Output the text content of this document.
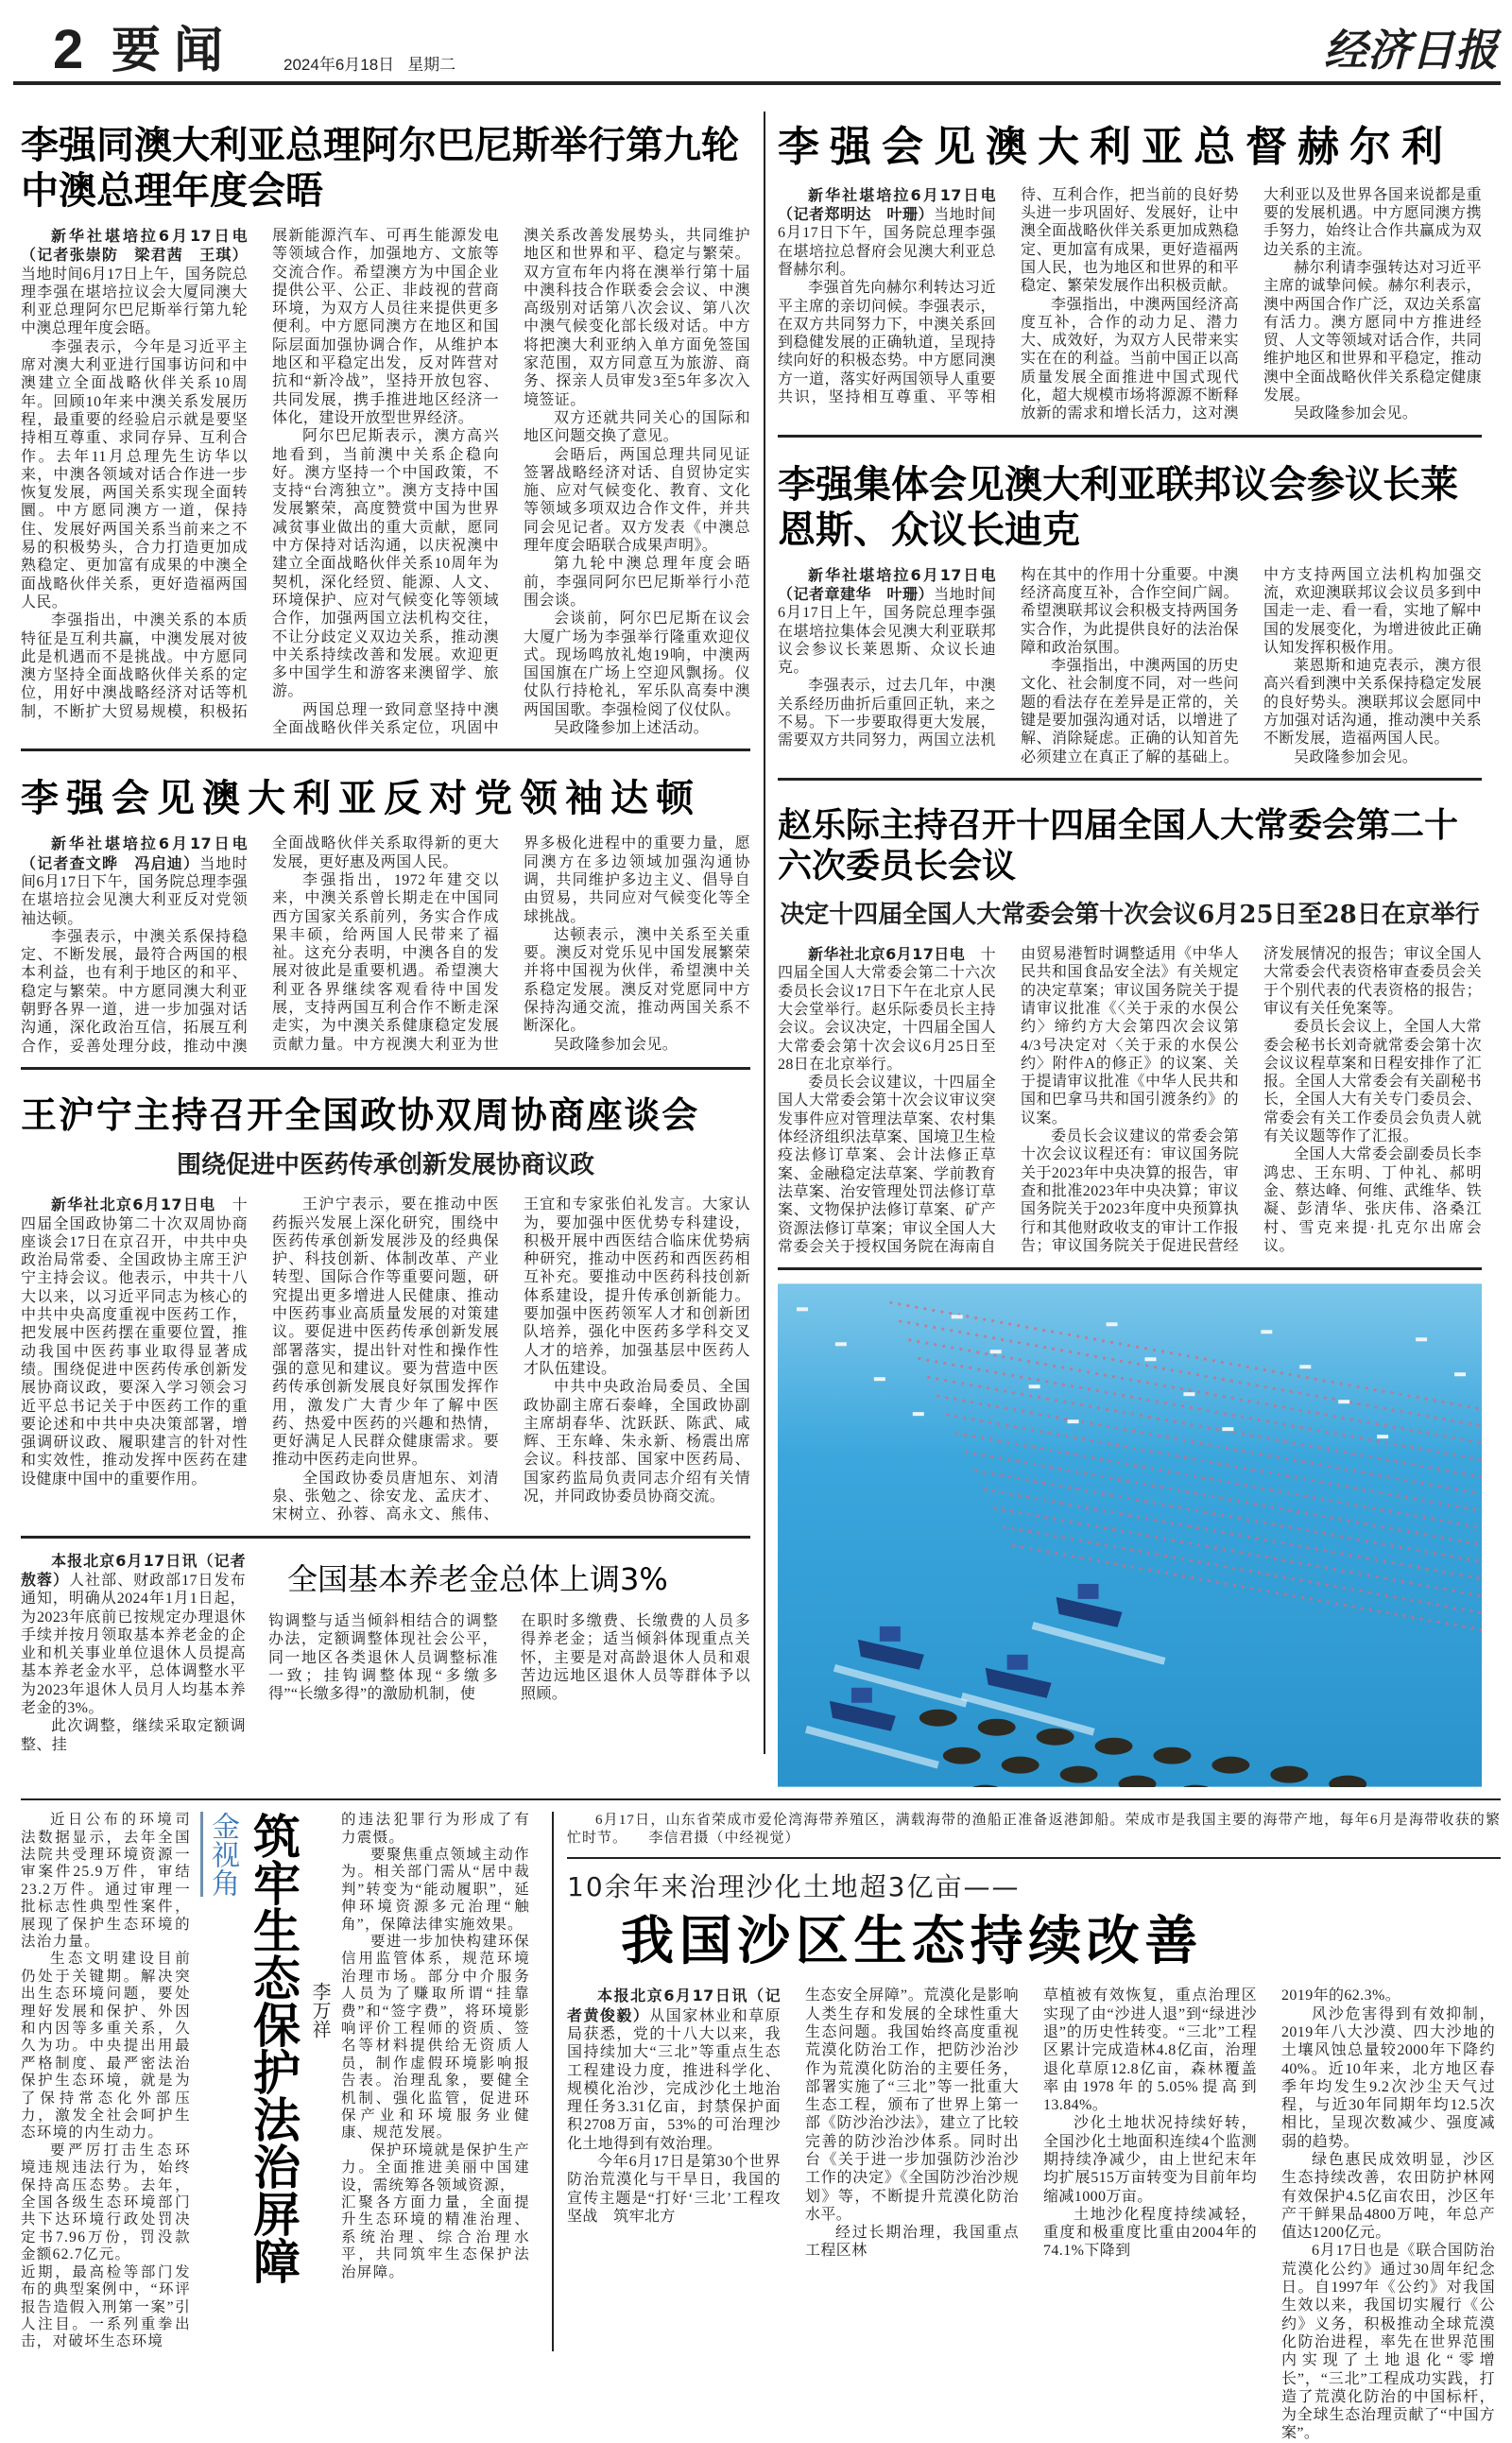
2 要闻	2024年6月18日 星期二	经济日报
李强同澳大利亚总理阿尔巴尼斯举行第九轮中澳总理年度会晤

新华社堪培拉6月17日电（记者张崇防　梁君茜　王琪）当地时间6月17日上午，国务院总理李强在堪培拉议会大厦同澳大利亚总理阿尔巴尼斯举行第九轮中澳总理年度会晤。

李强表示，今年是习近平主席对澳大利亚进行国事访问和中澳建立全面战略伙伴关系10周年。回顾10年来中澳关系发展历程，最重要的经验启示就是要坚持相互尊重、求同存异、互利合作。去年11月总理先生访华以来，中澳各领域对话合作进一步恢复发展，两国关系实现全面转圜。中方愿同澳方一道，保持住、发展好两国关系当前来之不易的积极势头，合力打造更加成熟稳定、更加富有成果的中澳全面战略伙伴关系，更好造福两国人民。

李强指出，中澳关系的本质特征是互利共赢，中澳发展对彼此是机遇而不是挑战。中方愿同澳方坚持全面战略伙伴关系的定位，用好中澳战略经济对话等机制，不断扩大贸易规模，积极拓展新能源汽车、可再生能源发电等领域合作，加强地方、文旅等交流合作。希望澳方为中国企业提供公平、公正、非歧视的营商环境，为双方人员往来提供更多便利。中方愿同澳方在地区和国际层面加强协调合作，从维护本地区和平稳定出发，反对阵营对抗和“新冷战”，坚持开放包容、共同发展，携手推进地区经济一体化，建设开放型世界经济。

阿尔巴尼斯表示，澳方高兴地看到，当前澳中关系企稳向好。澳方坚持一个中国政策，不支持“台湾独立”。澳方支持中国发展繁荣，高度赞赏中国为世界减贫事业做出的重大贡献，愿同中方保持对话沟通，以庆祝澳中建立全面战略伙伴关系10周年为契机，深化经贸、能源、人文、环境保护、应对气候变化等领域合作，加强两国立法机构交往，不让分歧定义双边关系，推动澳中关系持续改善和发展。欢迎更多中国学生和游客来澳留学、旅游。

两国总理一致同意坚持中澳全面战略伙伴关系定位，巩固中澳关系改善发展势头，共同维护地区和世界和平、稳定与繁荣。双方宣布年内将在澳举行第十届中澳科技合作联委会会议、中澳高级别对话第八次会议、第八次中澳气候变化部长级对话。中方将把澳大利亚纳入单方面免签国家范围，双方同意互为旅游、商务、探亲人员审发3至5年多次入境签证。

双方还就共同关心的国际和地区问题交换了意见。

会晤后，两国总理共同见证签署战略经济对话、自贸协定实施、应对气候变化、教育、文化等领域多项双边合作文件，并共同会见记者。双方发表《中澳总理年度会晤联合成果声明》。

第九轮中澳总理年度会晤前，李强同阿尔巴尼斯举行小范围会谈。

会谈前，阿尔巴尼斯在议会大厦广场为李强举行隆重欢迎仪式。现场鸣放礼炮19响，中澳两国国旗在广场上空迎风飘扬。仪仗队行持枪礼，军乐队高奏中澳两国国歌。李强检阅了仪仗队。

吴政隆参加上述活动。

李强会见澳大利亚反对党领袖达顿

新华社堪培拉6月17日电（记者查文晔　冯启迪）当地时间6月17日下午，国务院总理李强在堪培拉会见澳大利亚反对党领袖达顿。

李强表示，中澳关系保持稳定、不断发展，最符合两国的根本利益，也有利于地区的和平、稳定与繁荣。中方愿同澳大利亚朝野各界一道，进一步加强对话沟通，深化政治互信，拓展互利合作，妥善处理分歧，推动中澳全面战略伙伴关系取得新的更大发展，更好惠及两国人民。

李强指出，1972年建交以来，中澳关系曾长期走在中国同西方国家关系前列，务实合作成果丰硕，给两国人民带来了福祉。这充分表明，中澳各自的发展对彼此是重要机遇。希望澳大利亚各界继续客观看待中国发展，支持两国互利合作不断走深走实，为中澳关系健康稳定发展贡献力量。中方视澳大利亚为世界多极化进程中的重要力量，愿同澳方在多边领域加强沟通协调，共同维护多边主义、倡导自由贸易，共同应对气候变化等全球挑战。

达顿表示，澳中关系至关重要。澳反对党乐见中国发展繁荣并将中国视为伙伴，希望澳中关系稳定发展。澳反对党愿同中方保持沟通交流，推动两国关系不断深化。

吴政隆参加会见。

王沪宁主持召开全国政协双周协商座谈会
围绕促进中医药传承创新发展协商议政

新华社北京6月17日电　十四届全国政协第二十次双周协商座谈会17日在京召开，中共中央政治局常委、全国政协主席王沪宁主持会议。他表示，中共十八大以来，以习近平同志为核心的中共中央高度重视中医药工作，把发展中医药摆在重要位置，推动我国中医药事业取得显著成绩。围绕促进中医药传承创新发展协商议政，要深入学习领会习近平总书记关于中医药工作的重要论述和中共中央决策部署，增强调研议政、履职建言的针对性和实效性，推动发挥中医药在建设健康中国中的重要作用。

王沪宁表示，要在推动中医药振兴发展上深化研究，围绕中医药传承创新发展涉及的经典保护、科技创新、体制改革、产业转型、国际合作等重要问题，研究提出更多增进人民健康、推动中医药事业高质量发展的对策建议。要促进中医药传承创新发展部署落实，提出针对性和操作性强的意见和建议。要为营造中医药传承创新发展良好氛围发挥作用，激发广大青少年了解中医药、热爱中医药的兴趣和热情，更好满足人民群众健康需求。要推动中医药走向世界。

全国政协委员唐旭东、刘清泉、张勉之、徐安龙、孟庆才、宋树立、孙蓉、高永文、熊伟、王宜和专家张伯礼发言。大家认为，要加强中医优势专科建设，积极开展中西医结合临床优势病种研究，推动中医药和西医药相互补充。要推动中医药科技创新体系建设，提升传承创新能力。要加强中医药领军人才和创新团队培养，强化中医药多学科交叉人才的培养，加强基层中医药人才队伍建设。

中共中央政治局委员、全国政协副主席石泰峰，全国政协副主席胡春华、沈跃跃、陈武、咸辉、王东峰、朱永新、杨震出席会议。科技部、国家中医药局、国家药监局负责同志介绍有关情况，并同政协委员协商交流。

本报北京6月17日讯（记者敖蓉）人社部、财政部17日发布通知，明确从2024年1月1日起，为2023年底前已按规定办理退休手续并按月领取基本养老金的企业和机关事业单位退休人员提高基本养老金水平，总体调整水平为2023年退休人员月人均基本养老金的3%。

此次调整，继续采取定额调整、挂

全国基本养老金总体上调3%

钩调整与适当倾斜相结合的调整办法，定额调整体现社会公平，同一地区各类退休人员调整标准一致；挂钩调整体现“多缴多得”“长缴多得”的激励机制，使

在职时多缴费、长缴费的人员多得养老金；适当倾斜体现重点关怀，主要是对高龄退休人员和艰苦边远地区退休人员等群体予以照顾。

李强会见澳大利亚总督赫尔利

新华社堪培拉6月17日电（记者郑明达　叶珊）当地时间6月17日下午，国务院总理李强在堪培拉总督府会见澳大利亚总督赫尔利。

李强首先向赫尔利转达习近平主席的亲切问候。李强表示，在双方共同努力下，中澳关系回到稳健发展的正确轨道，呈现持续向好的积极态势。中方愿同澳方一道，落实好两国领导人重要共识，坚持相互尊重、平等相待、互利合作，把当前的良好势头进一步巩固好、发展好，让中澳全面战略伙伴关系更加成熟稳定、更加富有成果，更好造福两国人民，也为地区和世界的和平稳定、繁荣发展作出积极贡献。

李强指出，中澳两国经济高度互补，合作的动力足、潜力大、成效好，为双方人民带来实实在在的利益。当前中国正以高质量发展全面推进中国式现代化，超大规模市场将源源不断释放新的需求和增长活力，这对澳大利亚以及世界各国来说都是重要的发展机遇。中方愿同澳方携手努力，始终让合作共赢成为双边关系的主流。

赫尔利请李强转达对习近平主席的诚挚问候。赫尔利表示，澳中两国合作广泛，双边关系富有活力。澳方愿同中方推进经贸、人文等领域对话合作，共同维护地区和世界和平稳定，推动澳中全面战略伙伴关系稳定健康发展。

吴政隆参加会见。

李强集体会见澳大利亚联邦议会参议长莱恩斯、众议长迪克

新华社堪培拉6月17日电（记者章建华　叶珊）当地时间6月17日上午，国务院总理李强在堪培拉集体会见澳大利亚联邦议会参议长莱恩斯、众议长迪克。

李强表示，过去几年，中澳关系经历曲折后重回正轨，来之不易。下一步要取得更大发展，需要双方共同努力，两国立法机构在其中的作用十分重要。中澳经济高度互补，合作空间广阔。希望澳联邦议会积极支持两国务实合作，为此提供良好的法治保障和政治氛围。

李强指出，中澳两国的历史文化、社会制度不同，对一些问题的看法存在差异是正常的，关键是要加强沟通对话，以增进了解、消除疑虑。正确的认知首先必须建立在真正了解的基础上。中方支持两国立法机构加强交流，欢迎澳联邦议会议员多到中国走一走、看一看，实地了解中国的发展变化，为增进彼此正确认知发挥积极作用。

莱恩斯和迪克表示，澳方很高兴看到澳中关系保持稳定发展的良好势头。澳联邦议会愿同中方加强对话沟通，推动澳中关系不断发展，造福两国人民。

吴政隆参加会见。

赵乐际主持召开十四届全国人大常委会第二十六次委员长会议
决定十四届全国人大常委会第十次会议6月25日至28日在京举行

新华社北京6月17日电　十四届全国人大常委会第二十六次委员长会议17日下午在北京人民大会堂举行。赵乐际委员长主持会议。会议决定，十四届全国人大常委会第十次会议6月25日至28日在北京举行。

委员长会议建议，十四届全国人大常委会第十次会议审议突发事件应对管理法草案、农村集体经济组织法草案、国境卫生检疫法修订草案、会计法修正草案、金融稳定法草案、学前教育法草案、治安管理处罚法修订草案、文物保护法修订草案、矿产资源法修订草案；审议全国人大常委会关于授权国务院在海南自由贸易港暂时调整适用《中华人民共和国食品安全法》有关规定的决定草案；审议国务院关于提请审议批准《〈关于汞的水俣公约〉缔约方大会第四次会议第4/3号决定对〈关于汞的水俣公约〉附件A的修正》的议案、关于提请审议批准《中华人民共和国和巴拿马共和国引渡条约》的议案。

委员长会议建议的常委会第十次会议议程还有：审议国务院关于2023年中央决算的报告，审查和批准2023年中央决算；审议国务院关于2023年度中央预算执行和其他财政收支的审计工作报告；审议国务院关于促进民营经济发展情况的报告；审议全国人大常委会代表资格审查委员会关于个别代表的代表资格的报告；审议有关任免案等。

委员长会议上，全国人大常委会秘书长刘奇就常委会第十次会议议程草案和日程安排作了汇报。全国人大常委会有关副秘书长，全国人大有关专门委员会、常委会有关工作委员会负责人就有关议题等作了汇报。

全国人大常委会副委员长李鸿忠、王东明、丁仲礼、郝明金、蔡达峰、何维、武维华、铁凝、彭清华、张庆伟、洛桑江村、雪克来提·扎克尔出席会议。

近日公布的环境司法数据显示，去年全国法院共受理环境资源一审案件25.9万件，审结23.2万件。通过审理一批标志性典型性案件，展现了保护生态环境的法治力量。

生态文明建设目前仍处于关键期。解决突出生态环境问题，要处理好发展和保护、外因和内因等多重关系，久久为功。中央提出用最严格制度、最严密法治保护生态环境，就是为了保持常态化外部压力，激发全社会呵护生态环境的内生动力。

要严厉打击生态环境违规违法行为，始终保持高压态势。去年，全国各级生态环境部门共下达环境行政处罚决定书7.96万份，罚没款金额62.7亿元。

近期，最高检等部门发布的典型案例中，“环评报告造假入刑第一案”引人注目。一系列重拳出击，对破坏生态环境

金视角 筑牢生态保护法治屏障 李万祥

的违法犯罪行为形成了有力震慑。

要聚焦重点领域主动作为。相关部门需从“居中裁判”转变为“能动履职”，延伸环境资源多元治理“触角”，保障法律实施效果。

要进一步加快构建环保信用监管体系，规范环境治理市场。部分中介服务人员为了赚取所谓“挂靠费”和“签字费”，将环境影响评价工程师的资质、签名等材料提供给无资质人员，制作虚假环境影响报告表。治理乱象，要健全机制、强化监管，促进环保产业和环境服务业健康、规范发展。

保护环境就是保护生产力。全面推进美丽中国建设，需统筹各领域资源，

汇聚各方面力量，全面提升生态环境的精准治理、系统治理、综合治理水平，共同筑牢生态保护法治屏障。

6月17日，山东省荣成市爱伦湾海带养殖区，满载海带的渔船正准备返港卸船。荣成市是我国主要的海带产地，每年6月是海带收获的繁忙时节。 李信君摄（中经视觉）

10余年来治理沙化土地超3亿亩——
我国沙区生态持续改善

本报北京6月17日讯（记者黄俊毅）从国家林业和草原局获悉，党的十八大以来，我国持续加大“三北”等重点生态工程建设力度，推进科学化、规模化治沙，完成沙化土地治理任务3.31亿亩，封禁保护面积2708万亩，53%的可治理沙化土地得到有效治理。

今年6月17日是第30个世界防治荒漠化与干旱日，我国的宣传主题是“打好‘三北’工程攻坚战　筑牢北方

生态安全屏障”。荒漠化是影响人类生存和发展的全球性重大生态问题。我国始终高度重视荒漠化防治工作，把防沙治沙作为荒漠化防治的主要任务，部署实施了“三北”等一批重大生态工程，颁布了世界上第一部《防沙治沙法》，建立了比较完善的防沙治沙体系。同时出台《关于进一步加强防沙治沙工作的决定》《全国防沙治沙规划》等，不断提升荒漠化防治水平。

经过长期治理，我国重点工程区林

草植被有效恢复，重点治理区实现了由“沙进人退”到“绿进沙退”的历史性转变。“三北”工程区累计完成造林4.8亿亩，治理退化草原12.8亿亩，森林覆盖率由1978年的5.05%提高到13.84%。

沙化土地状况持续好转，全国沙化土地面积连续4个监测期持续净减少，由上世纪末年均扩展515万亩转变为目前年均缩减1000万亩。

土地沙化程度持续减轻，重度和极重度比重由2004年的74.1%下降到

2019年的62.3%。

风沙危害得到有效抑制，2019年八大沙漠、四大沙地的土壤风蚀总量较2000年下降约40%。近10年来，北方地区春季年均发生9.2次沙尘天气过程，与近30年同期年均12.5次相比，呈现次数减少、强度减弱的趋势。

绿色惠民成效明显，沙区生态持续改善，农田防护林网有效保护4.5亿亩农田，沙区年产干鲜果品4800万吨，年总产值达1200亿元。

6月17日也是《联合国防治荒漠化公约》通过30周年纪念日。自1997年《公约》对我国生效以来，我国切实履行《公约》义务，积极推动全球荒漠化防治进程，率先在世界范围内实现了土地退化“零增长”，“三北”工程成功实践，打造了荒漠化防治的中国标杆，为全球生态治理贡献了“中国方案”。
